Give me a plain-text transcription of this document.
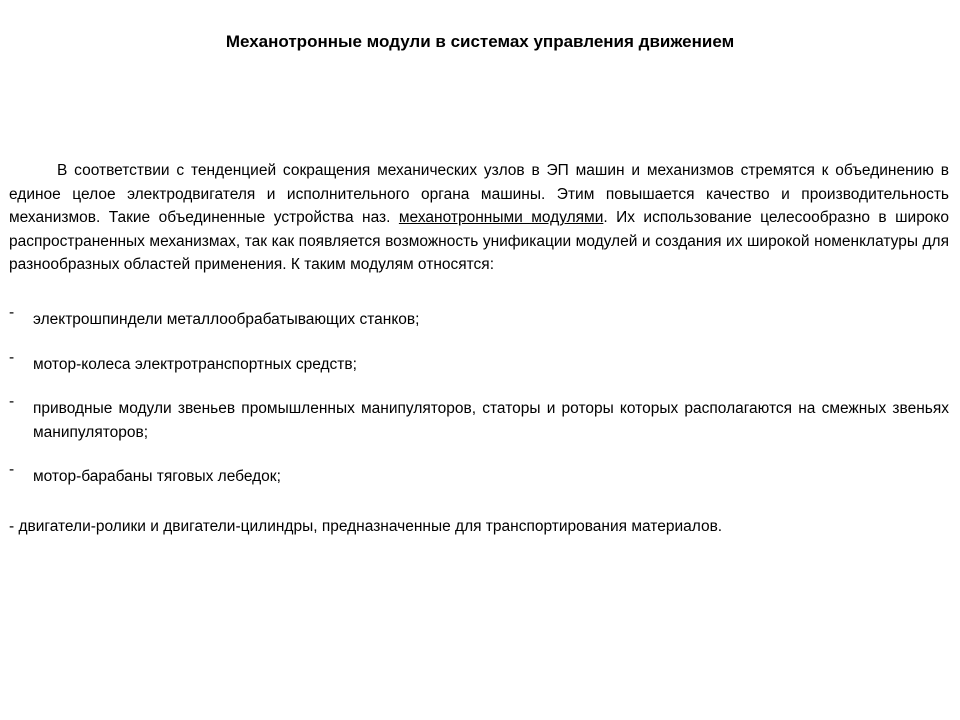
Механотронные модули в системах управления движением

В соответствии с тенденцией сокращения механических узлов в ЭП машин и механизмов стремятся к объединению в единое целое электродвигателя и исполнительного органа машины. Этим повышается качество и производительность механизмов. Такие объединенные устройства наз. механотронными модулями. Их использование целесообразно в широко распространенных механизмах, так как появляется возможность унификации модулей и создания их широкой номенклатуры для разнообразных областей применения. К таким модулям относятся:

- электрошпиндели металлообрабатывающих станков;
- мотор-колеса электротранспортных средств;
- приводные модули звеньев промышленных манипуляторов, статоры и роторы которых располагаются на смежных звеньях манипуляторов;
- мотор-барабаны тяговых лебедок;

- двигатели-ролики и двигатели-цилиндры, предназначенные для транспортирования материалов.
